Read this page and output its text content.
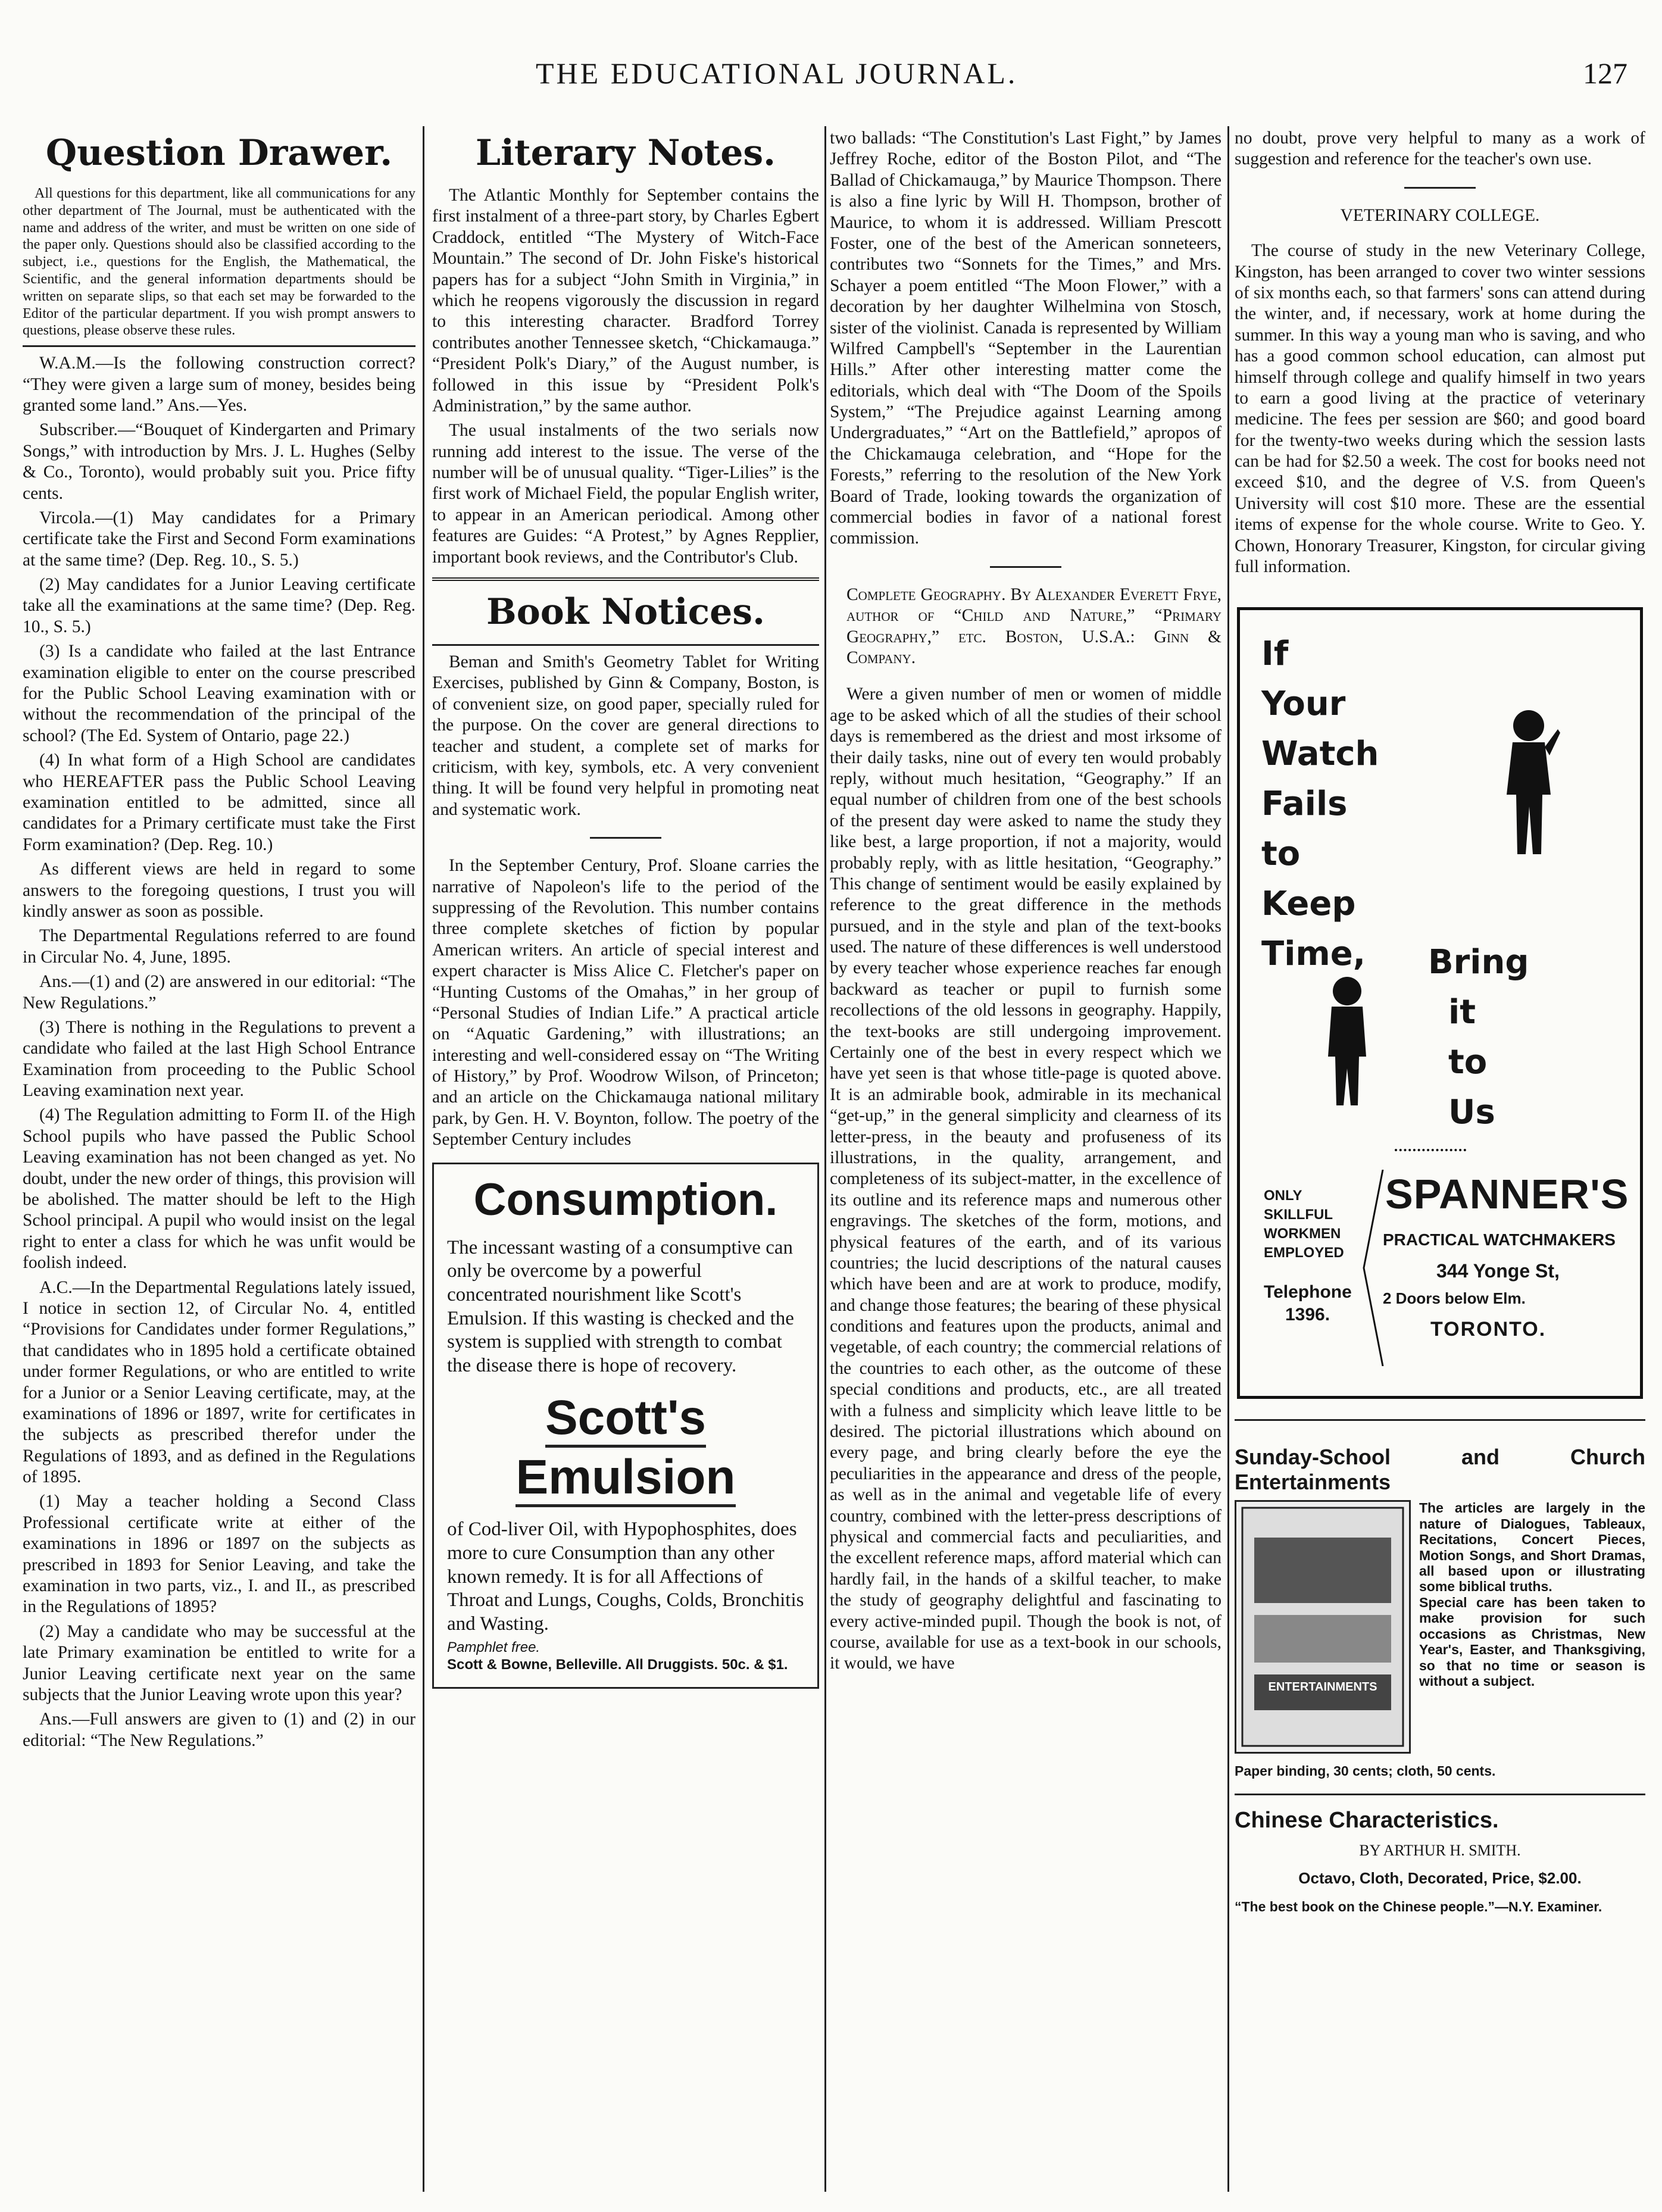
THE EDUCATIONAL JOURNAL.	127
Question Drawer.

All questions for this department, like all communications for any other department of The Journal, must be authenticated with the name and address of the writer, and must be written on one side of the paper only. Questions should also be classified according to the subject, i.e., questions for the English, the Mathematical, the Scientific, and the general information departments should be written on separate slips, so that each set may be forwarded to the Editor of the particular department. If you wish prompt answers to questions, please observe these rules.

W.A.M.—Is the following construction correct? “They were given a large sum of money, besides being granted some land.” Ans.—Yes.

Subscriber.—“Bouquet of Kindergarten and Primary Songs,” with introduction by Mrs. J. L. Hughes (Selby & Co., Toronto), would probably suit you. Price fifty cents.

Vircola.—(1) May candidates for a Primary certificate take the First and Second Form examinations at the same time? (Dep. Reg. 10., S. 5.)

(2) May candidates for a Junior Leaving certificate take all the examinations at the same time? (Dep. Reg. 10., S. 5.)

(3) Is a candidate who failed at the last Entrance examination eligible to enter on the course prescribed for the Public School Leaving examination with or without the recommendation of the principal of the school? (The Ed. System of Ontario, page 22.)

(4) In what form of a High School are candidates who HEREAFTER pass the Public School Leaving examination entitled to be admitted, since all candidates for a Primary certificate must take the First Form examination? (Dep. Reg. 10.)

As different views are held in regard to some answers to the foregoing questions, I trust you will kindly answer as soon as possible.

The Departmental Regulations referred to are found in Circular No. 4, June, 1895.

Ans.—(1) and (2) are answered in our editorial: “The New Regulations.”

(3) There is nothing in the Regulations to prevent a candidate who failed at the last High School Entrance Examination from proceeding to the Public School Leaving examination next year.

(4) The Regulation admitting to Form II. of the High School pupils who have passed the Public School Leaving examination has not been changed as yet. No doubt, under the new order of things, this provision will be abolished. The matter should be left to the High School principal. A pupil who would insist on the legal right to enter a class for which he was unfit would be foolish indeed.

A.C.—In the Departmental Regulations lately issued, I notice in section 12, of Circular No. 4, entitled “Provisions for Candidates under former Regulations,” that candidates who in 1895 hold a certificate obtained under former Regulations, or who are entitled to write for a Junior or a Senior Leaving certificate, may, at the examinations of 1896 or 1897, write for certificates in the subjects as prescribed therefor under the Regulations of 1893, and as defined in the Regulations of 1895.

(1) May a teacher holding a Second Class Professional certificate write at either of the examinations in 1896 or 1897 on the subjects as prescribed in 1893 for Senior Leaving, and take the examination in two parts, viz., I. and II., as prescribed in the Regulations of 1895?

(2) May a candidate who may be successful at the late Primary examination be entitled to write for a Junior Leaving certificate next year on the same subjects that the Junior Leaving wrote upon this year?

Ans.—Full answers are given to (1) and (2) in our editorial: “The New Regulations.”

Literary Notes.

The Atlantic Monthly for September contains the first instalment of a three-part story, by Charles Egbert Craddock, entitled “The Mystery of Witch-Face Mountain.” The second of Dr. John Fiske's historical papers has for a subject “John Smith in Virginia,” in which he reopens vigorously the discussion in regard to this interesting character. Bradford Torrey contributes another Tennessee sketch, “Chickamauga.” “President Polk's Diary,” of the August number, is followed in this issue by “President Polk's Administration,” by the same author.

The usual instalments of the two serials now running add interest to the issue. The verse of the number will be of unusual quality. “Tiger-Lilies” is the first work of Michael Field, the popular English writer, to appear in an American periodical. Among other features are Guides: “A Protest,” by Agnes Repplier, important book reviews, and the Contributor's Club.

Book Notices.

Beman and Smith's Geometry Tablet for Writing Exercises, published by Ginn & Company, Boston, is of convenient size, on good paper, specially ruled for the purpose. On the cover are general directions to teacher and student, a complete set of marks for criticism, with key, symbols, etc. A very convenient thing. It will be found very helpful in promoting neat and systematic work.

In the September Century, Prof. Sloane carries the narrative of Napoleon's life to the period of the suppressing of the Revolution. This number contains three complete sketches of fiction by popular American writers. An article of special interest and expert character is Miss Alice C. Fletcher's paper on “Hunting Customs of the Omahas,” in her group of “Personal Studies of Indian Life.” A practical article on “Aquatic Gardening,” with illustrations; an interesting and well-considered essay on “The Writing of History,” by Prof. Woodrow Wilson, of Princeton; and an article on the Chickamauga national military park, by Gen. H. V. Boynton, follow. The poetry of the September Century includes

Consumption.

The incessant wasting of a consumptive can only be overcome by a powerful concentrated nourishment like Scott's Emulsion. If this wasting is checked and the system is supplied with strength to combat the disease there is hope of recovery.

Scott's
Emulsion

of Cod-liver Oil, with Hypophosphites, does more to cure Consumption than any other known remedy. It is for all Affections of Throat and Lungs, Coughs, Colds, Bronchitis and Wasting.

Pamphlet free.
Scott & Bowne, Belleville. All Druggists. 50c. & $1.

two ballads: “The Constitution's Last Fight,” by James Jeffrey Roche, editor of the Boston Pilot, and “The Ballad of Chickamauga,” by Maurice Thompson. There is also a fine lyric by Will H. Thompson, brother of Maurice, to whom it is addressed. William Prescott Foster, one of the best of the American sonneteers, contributes two “Sonnets for the Times,” and Mrs. Schayer a poem entitled “The Moon Flower,” with a decoration by her daughter Wilhelmina von Stosch, sister of the violinist. Canada is represented by William Wilfred Campbell's “September in the Laurentian Hills.” After other interesting matter come the editorials, which deal with “The Doom of the Spoils System,” “The Prejudice against Learning among Undergraduates,” “Art on the Battlefield,” apropos of the Chickamauga celebration, and “Hope for the Forests,” referring to the resolution of the New York Board of Trade, looking towards the organization of commercial bodies in favor of a national forest commission.

Complete Geography. By Alexander Everett Frye, author of “Child and Nature,” “Primary Geography,” etc. Boston, U.S.A.: Ginn & Company.

Were a given number of men or women of middle age to be asked which of all the studies of their school days is remembered as the driest and most irksome of their daily tasks, nine out of every ten would probably reply, without much hesitation, “Geography.” If an equal number of children from one of the best schools of the present day were asked to name the study they like best, a large proportion, if not a majority, would probably reply, with as little hesitation, “Geography.” This change of sentiment would be easily explained by reference to the great difference in the methods pursued, and in the style and plan of the text-books used. The nature of these differences is well understood by every teacher whose experience reaches far enough backward as teacher or pupil to furnish some recollections of the old lessons in geography. Happily, the text-books are still undergoing improvement. Certainly one of the best in every respect which we have yet seen is that whose title-page is quoted above. It is an admirable book, admirable in its mechanical “get-up,” in the general simplicity and clearness of its letter-press, in the beauty and profuseness of its illustrations, in the quality, arrangement, and completeness of its subject-matter, in the excellence of its outline and its reference maps and numerous other engravings. The sketches of the form, motions, and physical features of the earth, and of its various countries; the lucid descriptions of the natural causes which have been and are at work to produce, modify, and change those features; the bearing of these physical conditions and features upon the products, animal and vegetable, of each country; the commercial relations of the countries to each other, as the outcome of these special conditions and products, etc., are all treated with a fulness and simplicity which leave little to be desired. The pictorial illustrations which abound on every page, and bring clearly before the eye the peculiarities in the appearance and dress of the people, as well as in the animal and vegetable life of every country, combined with the letter-press descriptions of physical and commercial facts and peculiarities, and the excellent reference maps, afford material which can hardly fail, in the hands of a skilful teacher, to make the study of geography delightful and fascinating to every active-minded pupil. Though the book is not, of course, available for use as a text-book in our schools, it would, we have

no doubt, prove very helpful to many as a work of suggestion and reference for the teacher's own use.

VETERINARY COLLEGE.

The course of study in the new Veterinary College, Kingston, has been arranged to cover two winter sessions of six months each, so that farmers' sons can attend during the winter, and, if necessary, work at home during the summer. In this way a young man who is saving, and who has a good common school education, can almost put himself through college and qualify himself in two years to earn a good living at the practice of veterinary medicine. The fees per session are $60; and good board for the twenty-two weeks during which the session lasts can be had for $2.50 a week. The cost for books need not exceed $10, and the degree of V.S. from Queen's University will cost $10 more. These are the essential items of expense for the whole course. Write to Geo. Y. Chown, Honorary Treasurer, Kingston, for circular giving full information.

If
Your
Watch
Fails
to
Keep
Time, Bring
it
to
Us
ONLY
SKILLFUL
WORKMEN
EMPLOYED
Telephone
1396.
SPANNER'S
PRACTICAL WATCHMAKERS
344 Yonge St,
2 Doors below Elm.
TORONTO.
Sunday-School and Church Entertainments
ENTERTAINMENTS
The articles are largely in the nature of Dialogues, Tableaux, Recitations, Concert Pieces, Motion Songs, and Short Dramas, all based upon or illustrating some biblical truths.
Special care has been taken to make provision for such occasions as Christmas, New Year's, Easter, and Thanksgiving, so that no time or season is without a subject.
Paper binding, 30 cents; cloth, 50 cents.
Chinese Characteristics.
BY ARTHUR H. SMITH.
Octavo, Cloth, Decorated, Price, $2.00.
“The best book on the Chinese people.”—N.Y. Examiner.
